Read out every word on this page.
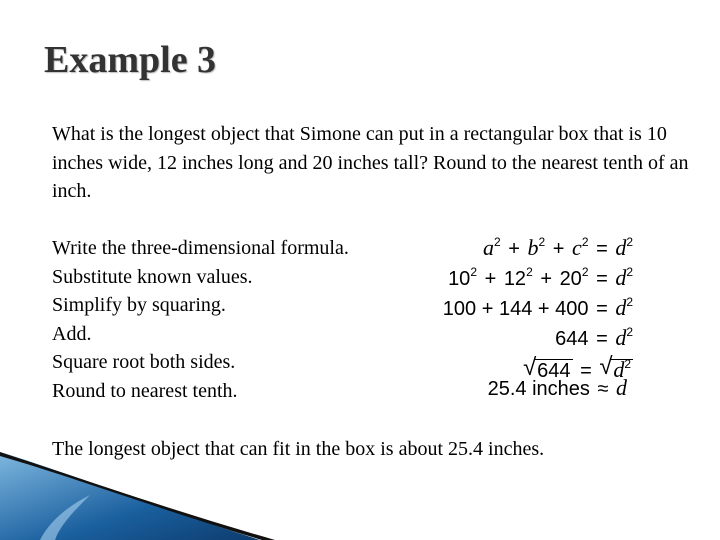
Example 3
What is the longest object that Simone can put in a rectangular box that is 10 inches wide, 12 inches long and 20 inches tall? Round to the nearest tenth of an inch.
Write the three-dimensional formula.
Substitute known values.
Simplify by squaring.
Add.
Square root both sides.
Round to nearest tenth.
$a^2 + b^2 + c^2 = d^2$
$10^2 + 12^2 + 20^2 = d^2$
$100 + 144 + 400 = d^2$
$644 = d^2$
√ 644 = √ $d^2$
25.4 inches ≈ d
The longest object that can fit in the box is about 25.4 inches.
